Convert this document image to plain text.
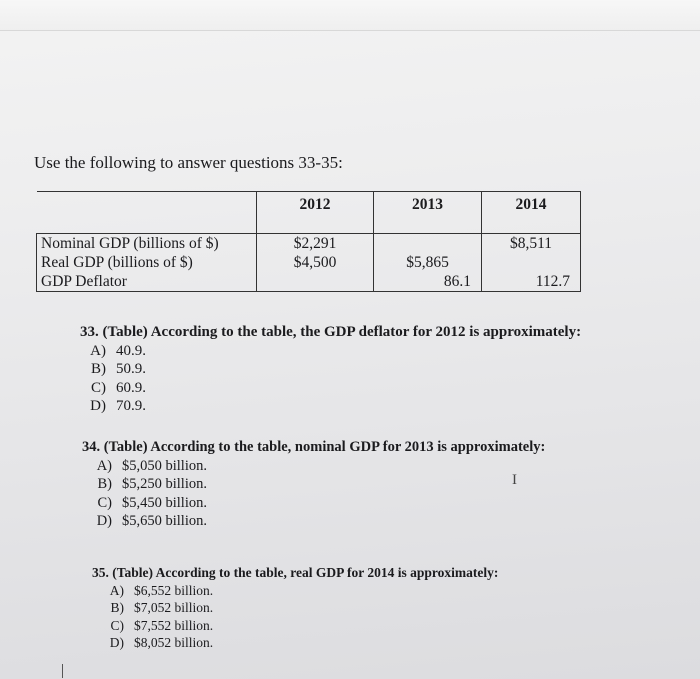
Use the following to answer questions 33-35:
	2012	2013	2014
Nominal GDP (billions of $)	$2,291		$8,511
Real GDP (billions of $)	$4,500	$5,865	
GDP Deflator		86.1	112.7
33. (Table) According to the table, the GDP deflator for 2012 is approximately:
A) 40.9.
B) 50.9.
C) 60.9.
D) 70.9.
34. (Table) According to the table, nominal GDP for 2013 is approximately:
A) $5,050 billion.
B) $5,250 billion.
C) $5,450 billion.
D) $5,650 billion.
35. (Table) According to the table, real GDP for 2014 is approximately:
A) $6,552 billion.
B) $7,052 billion.
C) $7,552 billion.
D) $8,052 billion.
I
